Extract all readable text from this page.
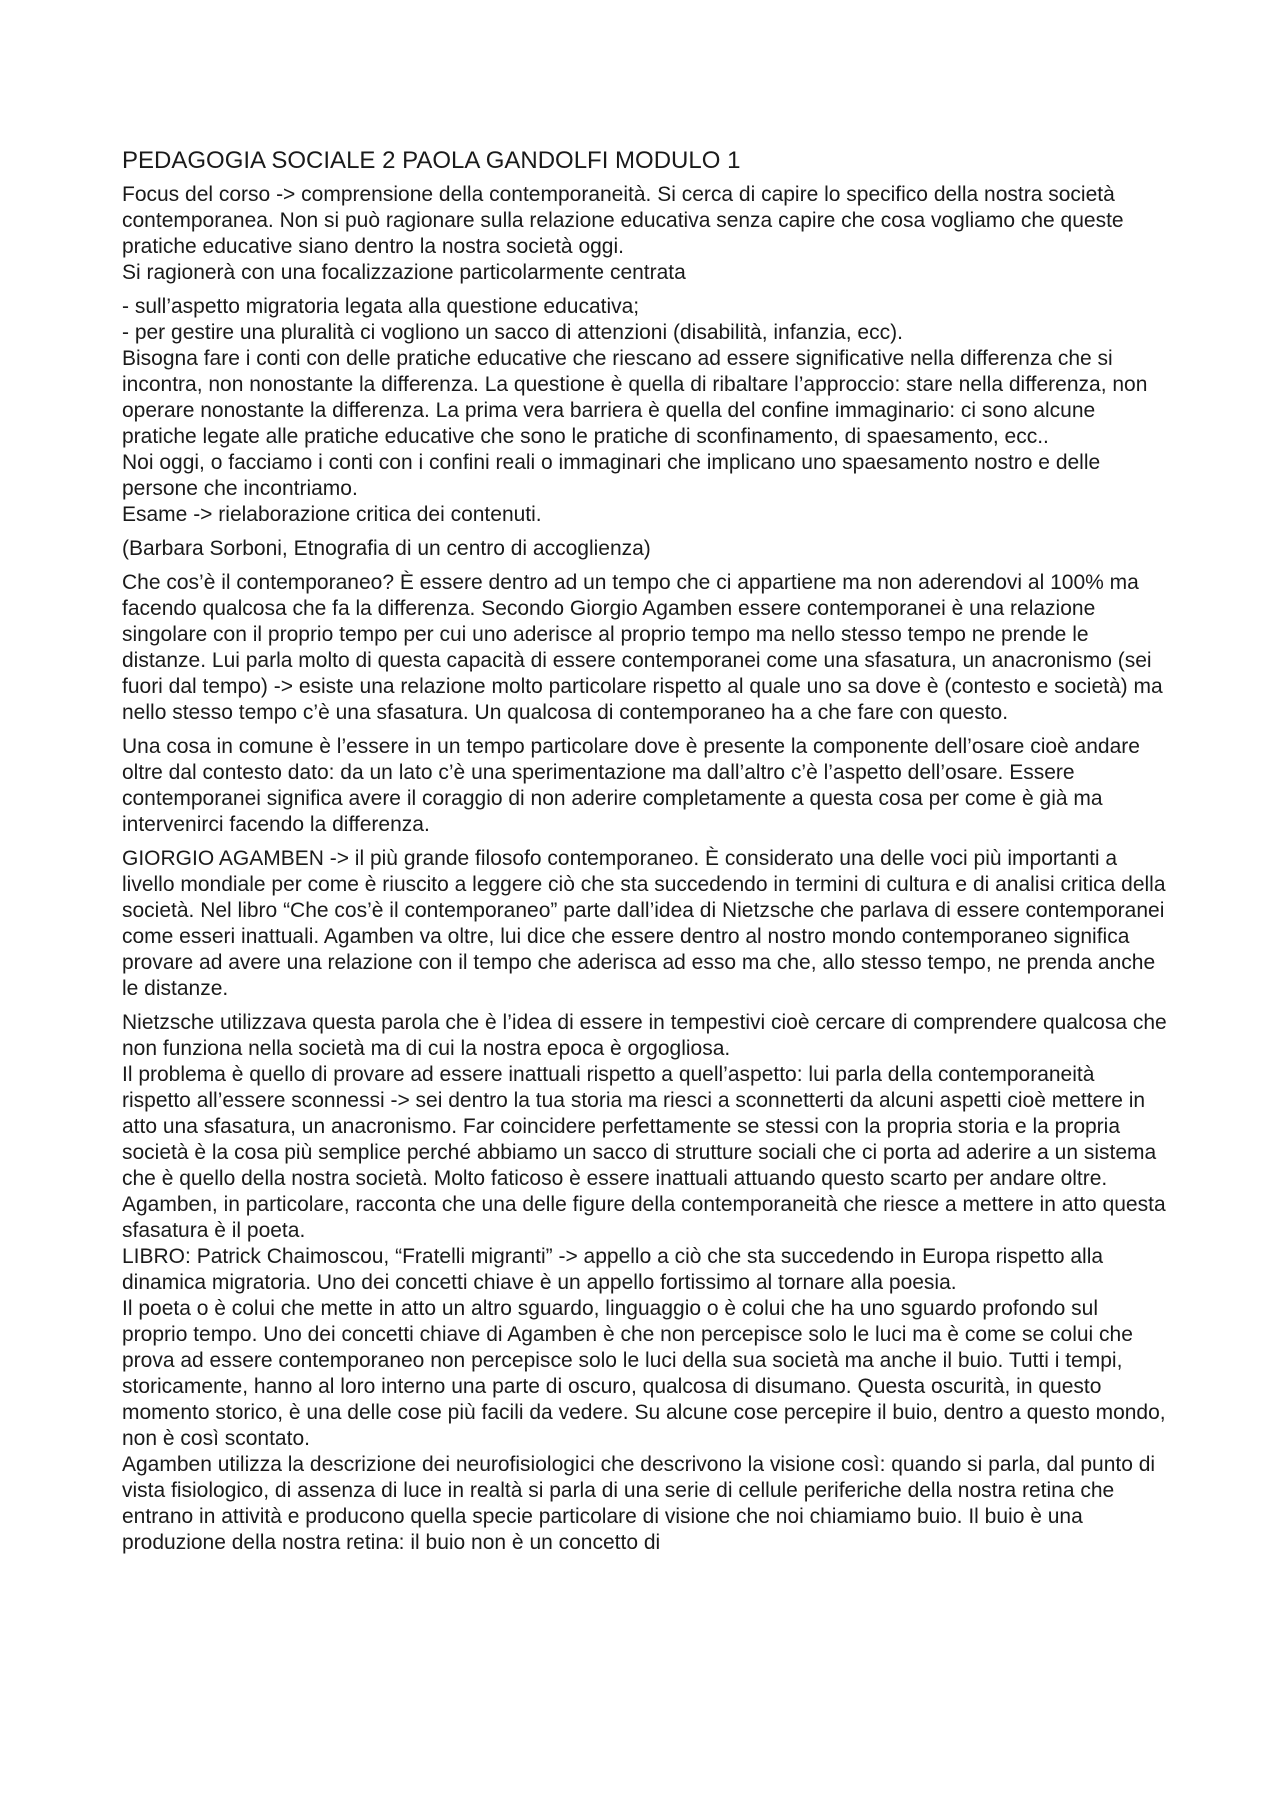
PEDAGOGIA SOCIALE 2 PAOLA GANDOLFI MODULO 1

Focus del corso -> comprensione della contemporaneità. Si cerca di capire lo specifico della nostra società contemporanea. Non si può ragionare sulla relazione educativa senza capire che cosa vogliamo che queste pratiche educative siano dentro la nostra società oggi.

Si ragionerà con una focalizzazione particolarmente centrata

- sull’aspetto migratoria legata alla questione educativa;
- per gestire una pluralità ci vogliono un sacco di attenzioni (disabilità, infanzia, ecc).

Bisogna fare i conti con delle pratiche educative che riescano ad essere significative nella differenza che si incontra, non nonostante la differenza. La questione è quella di ribaltare l’approccio: stare nella differenza, non operare nonostante la differenza. La prima vera barriera è quella del confine immaginario: ci sono alcune pratiche legate alle pratiche educative che sono le pratiche di sconfinamento, di spaesamento, ecc..

Noi oggi, o facciamo i conti con i confini reali o immaginari che implicano uno spaesamento nostro e delle persone che incontriamo.

Esame -> rielaborazione critica dei contenuti.

(Barbara Sorboni, Etnografia di un centro di accoglienza)

Che cos’è il contemporaneo? È essere dentro ad un tempo che ci appartiene ma non aderendovi al 100% ma facendo qualcosa che fa la differenza. Secondo Giorgio Agamben essere contemporanei è una relazione singolare con il proprio tempo per cui uno aderisce al proprio tempo ma nello stesso tempo ne prende le distanze. Lui parla molto di questa capacità di essere contemporanei come una sfasatura, un anacronismo (sei fuori dal tempo) -> esiste una relazione molto particolare rispetto al quale uno sa dove è (contesto e società) ma nello stesso tempo c’è una sfasatura. Un qualcosa di contemporaneo ha a che fare con questo.

Una cosa in comune è l’essere in un tempo particolare dove è presente la componente dell’osare cioè andare oltre dal contesto dato: da un lato c’è una sperimentazione ma dall’altro c’è l’aspetto dell’osare. Essere contemporanei significa avere il coraggio di non aderire completamente a questa cosa per come è già ma intervenirci facendo la differenza.

GIORGIO AGAMBEN -> il più grande filosofo contemporaneo. È considerato una delle voci più importanti a livello mondiale per come è riuscito a leggere ciò che sta succedendo in termini di cultura e di analisi critica della società. Nel libro “Che cos’è il contemporaneo” parte dall’idea di Nietzsche che parlava di essere contemporanei come esseri inattuali. Agamben va oltre, lui dice che essere dentro al nostro mondo contemporaneo significa provare ad avere una relazione con il tempo che aderisca ad esso ma che, allo stesso tempo, ne prenda anche le distanze.

Nietzsche utilizzava questa parola che è l’idea di essere in tempestivi cioè cercare di comprendere qualcosa che non funziona nella società ma di cui la nostra epoca è orgogliosa.

Il problema è quello di provare ad essere inattuali rispetto a quell’aspetto: lui parla della contemporaneità rispetto all’essere sconnessi -> sei dentro la tua storia ma riesci a sconnetterti da alcuni aspetti cioè mettere in atto una sfasatura, un anacronismo. Far coincidere perfettamente se stessi con la propria storia e la propria società è la cosa più semplice perché abbiamo un sacco di strutture sociali che ci porta ad aderire a un sistema che è quello della nostra società. Molto faticoso è essere inattuali attuando questo scarto per andare oltre.

Agamben, in particolare, racconta che una delle figure della contemporaneità che riesce a mettere in atto questa sfasatura è il poeta.

LIBRO: Patrick Chaimoscou, “Fratelli migranti” -> appello a ciò che sta succedendo in Europa rispetto alla dinamica migratoria. Uno dei concetti chiave è un appello fortissimo al tornare alla poesia.

Il poeta o è colui che mette in atto un altro sguardo, linguaggio o è colui che ha uno sguardo profondo sul proprio tempo. Uno dei concetti chiave di Agamben è che non percepisce solo le luci ma è come se colui che prova ad essere contemporaneo non percepisce solo le luci della sua società ma anche il buio. Tutti i tempi, storicamente, hanno al loro interno una parte di oscuro, qualcosa di disumano. Questa oscurità, in questo momento storico, è una delle cose più facili da vedere. Su alcune cose percepire il buio, dentro a questo mondo, non è così scontato.

Agamben utilizza la descrizione dei neurofisiologici che descrivono la visione così: quando si parla, dal punto di vista fisiologico, di assenza di luce in realtà si parla di una serie di cellule periferiche della nostra retina che entrano in attività e producono quella specie particolare di visione che noi chiamiamo buio. Il buio è una produzione della nostra retina: il buio non è un concetto di
